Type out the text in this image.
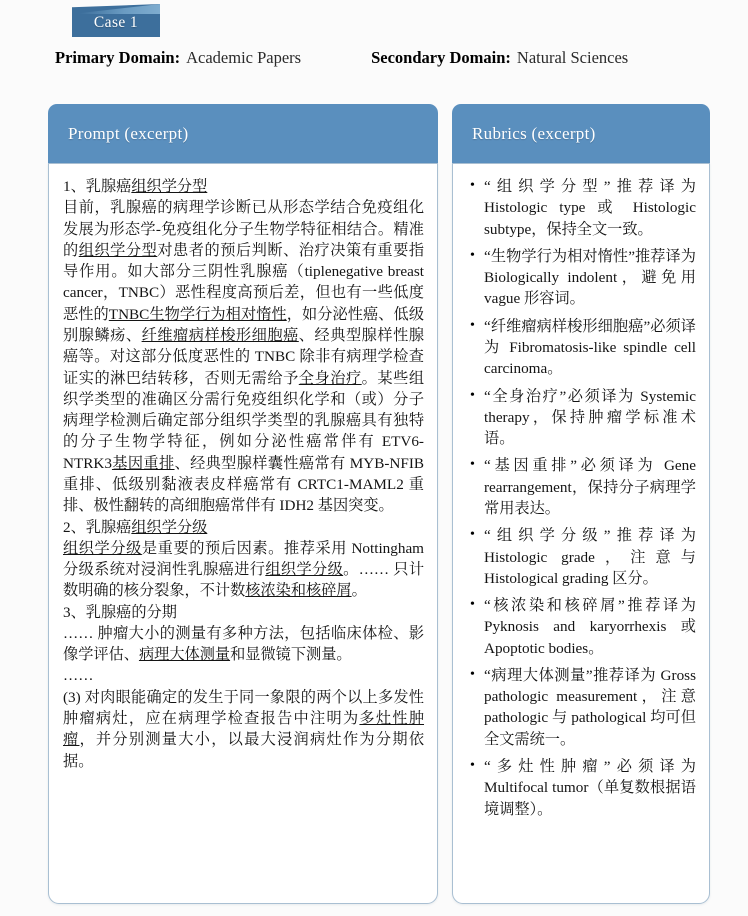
Case 1
Primary Domain: Academic Papers	Secondary Domain: Natural Sciences
Prompt (excerpt)

1、乳腺癌组织学分型

目前，乳腺癌的病理学诊断已从形态学结合免疫组化发展为形态学-免疫组化分子生物学特征相结合。精准的组织学分型对患者的预后判断、治疗决策有重要指导作用。如大部分三阴性乳腺癌（tiplenegative breast cancer，TNBC）恶性程度高预后差，但也有一些低度恶性的TNBC生物学行为相对惰性，如分泌性癌、低级别腺鳞疡、纤维瘤病样梭形细胞癌、经典型腺样性腺癌等。对这部分低度恶性的 TNBC 除非有病理学检查证实的淋巴结转移，否则无需给予全身治疗。某些组织学类型的准确区分需行免疫组织化学和（或）分子病理学检测后确定部分组织学类型的乳腺癌具有独特的分子生物学特征，例如分泌性癌常伴有 ETV6-NTRK3基因重排、经典型腺样囊性癌常有 MYB-NFIB 重排、低级别黏液表皮样癌常有 CRTC1-MAML2 重排、极性翻转的高细胞癌常伴有 IDH2 基因突变。

2、乳腺癌组织学分级

组织学分级是重要的预后因素。推荐采用 Nottingham 分级系统对浸润性乳腺癌进行组织学分级。…… 只计数明确的核分裂象，不计数核浓染和核碎屑。

3、乳腺癌的分期

…… 肿瘤大小的测量有多种方法，包括临床体检、影像学评估、病理大体测量和显微镜下测量。

……

(3) 对肉眼能确定的发生于同一象限的两个以上多发性肿瘤病灶，应在病理学检查报告中注明为多灶性肿瘤，并分别测量大小，以最大浸润病灶作为分期依据。

Rubrics (excerpt)
• “组织学分型”推荐译为 Histologic type 或 Histologic subtype，保持全文一致。
• “生物学行为相对惰性”推荐译为 Biologically indolent，避免用 vague 形容词。
• “纤维瘤病样梭形细胞癌”必须译为 Fibromatosis-like spindle cell carcinoma。
• “全身治疗”必须译为 Systemic therapy，保持肿瘤学标准术语。
• “基因重排”必须译为 Gene rearrangement，保持分子病理学常用表达。
• “组织学分级”推荐译为 Histologic grade，注意与 Histological grading 区分。
• “核浓染和核碎屑”推荐译为 Pyknosis and karyorrhexis 或 Apoptotic bodies。
• “病理大体测量”推荐译为 Gross pathologic measurement，注意 pathologic 与 pathological 均可但全文需统一。
• “多灶性肿瘤”必须译为 Multifocal tumor（单复数根据语境调整）。
